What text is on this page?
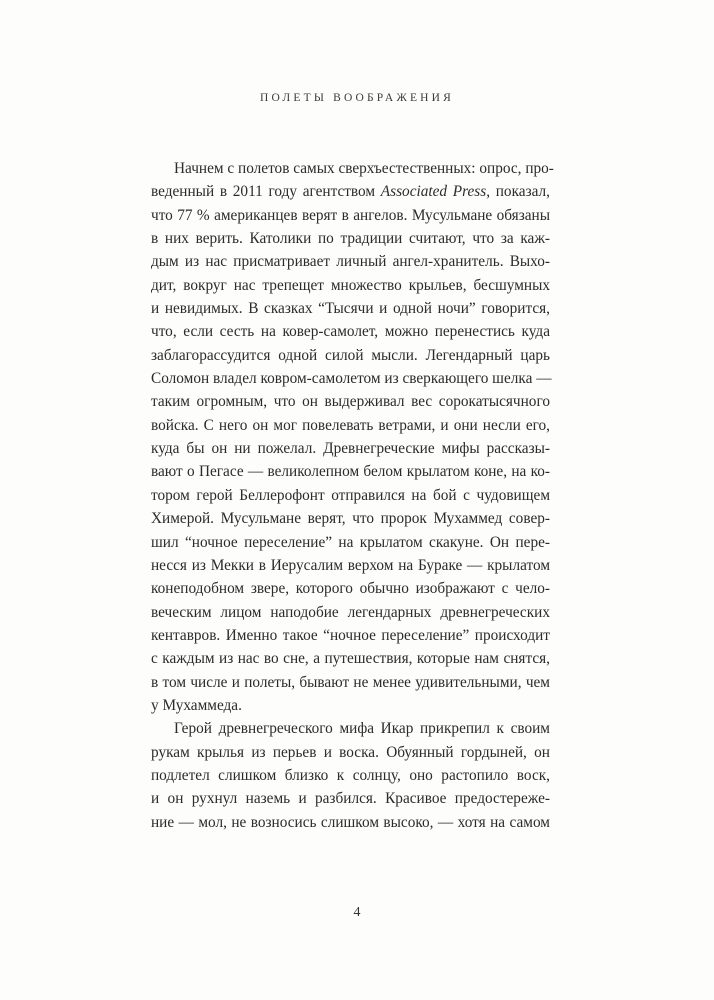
ПОЛЕТЫ ВООБРАЖЕНИЯ
Начнем с полетов самых сверхъестественных: опрос, про-
веденный в 2011 году агентством Associated Press, показал,
что 77 % американцев верят в ангелов. Мусульмане обязаны
в них верить. Католики по традиции считают, что за каж-
дым из нас присматривает личный ангел-хранитель. Выхо-
дит, вокруг нас трепещет множество крыльев, бесшумных
и невидимых. В сказках “Тысячи и одной ночи” говорится,
что, если сесть на ковер-самолет, можно перенестись куда
заблагорассудится одной силой мысли. Легендарный царь
Соломон владел ковром-самолетом из сверкающего шелка —
таким огромным, что он выдерживал вес сорокатысячного
войска. С него он мог повелевать ветрами, и они несли его,
куда бы он ни пожелал. Древнегреческие мифы рассказы-
вают о Пегасе — великолепном белом крылатом коне, на ко-
тором герой Беллерофонт отправился на бой с чудовищем
Химерой. Мусульмане верят, что пророк Мухаммед совер-
шил “ночное переселение” на крылатом скакуне. Он пере-
несся из Мекки в Иерусалим верхом на Бураке — крылатом
конеподобном звере, которого обычно изображают с чело-
веческим лицом наподобие легендарных древнегреческих
кентавров. Именно такое “ночное переселение” происходит
с каждым из нас во сне, а путешествия, которые нам снятся,
в том числе и полеты, бывают не менее удивительными, чем
у Мухаммеда.
Герой древнегреческого мифа Икар прикрепил к своим
рукам крылья из перьев и воска. Обуянный гордыней, он
подлетел слишком близко к солнцу, оно растопило воск,
и он рухнул наземь и разбился. Красивое предостереже-
ние — мол, не возносись слишком высоко, — хотя на самом
4
